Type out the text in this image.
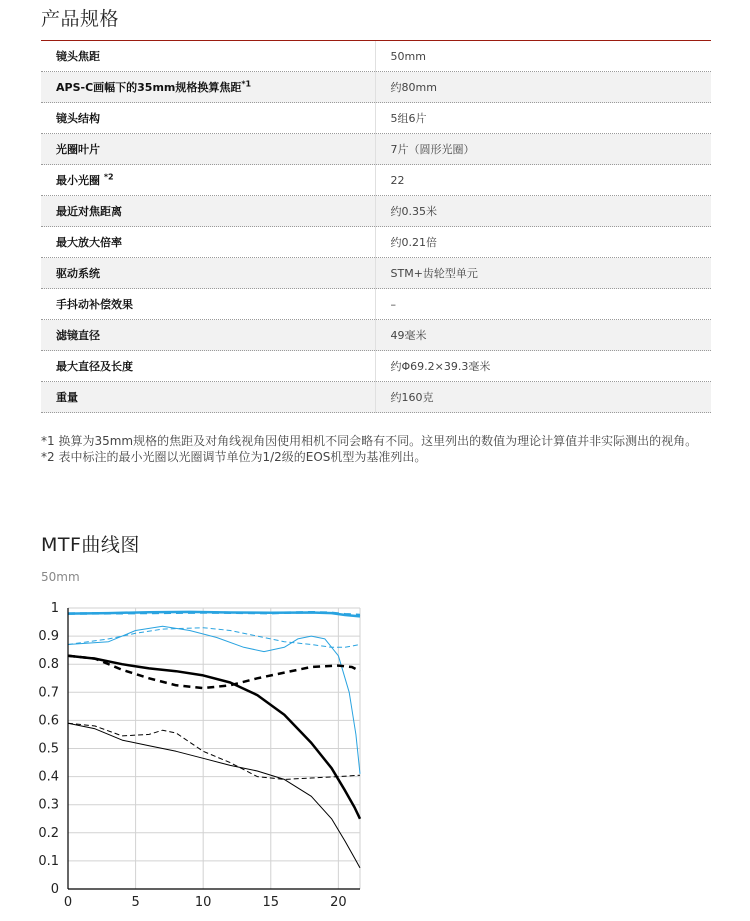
产品规格
镜头焦距	50mm
APS-C画幅下的35mm规格换算焦距$^{*1}$	约80mm
镜头结构	5组6片
光圈叶片	7片（圆形光圈）
最小光圈 $^{*2}$	22
最近对焦距离	约0.35米
最大放大倍率	约0.21倍
驱动系统	STM+齿轮型单元
手抖动补偿效果	–
滤镜直径	49毫米
最大直径及长度	约Φ69.2×39.3毫米
重量	约160克

*1 换算为35mm规格的焦距及对角线视角因使用相机不同会略有不同。这里列出的数值为理论计算值并非实际测出的视角。

*2 表中标注的最小光圈以光圈调节单位为1/2级的EOS机型为基准列出。

MTF曲线图
50mm
0
0.1
0.2
0.3
0.4
0.5
0.6
0.7
0.8
0.9
1
0	5	10	15	20
